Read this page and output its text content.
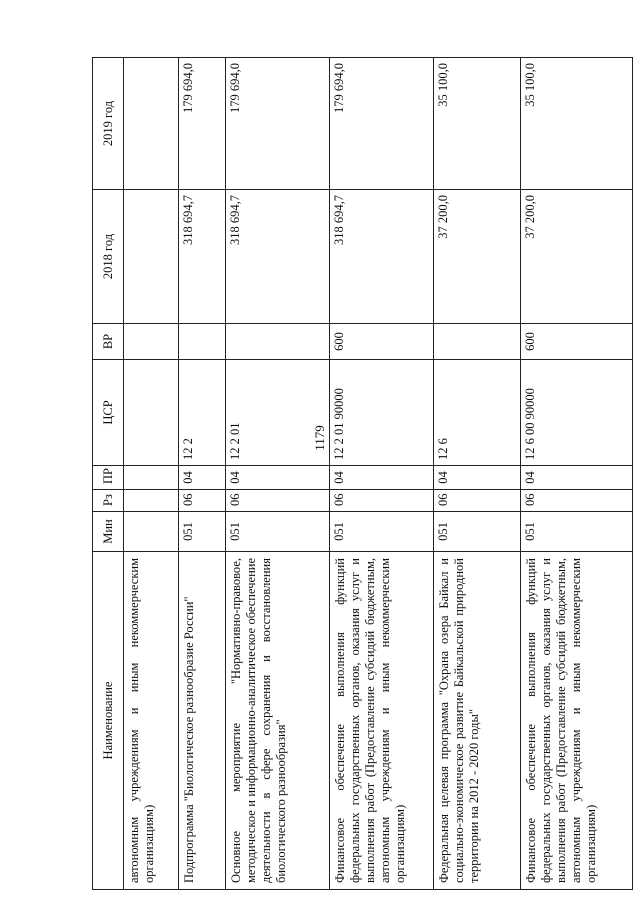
1179
Наименование	Мин	Рз	ПР	ЦСР	ВР	2018 год	2019 год
автономным учреждениям и иным некоммерческим организациям)							
Подпрограмма "Биологическое разнообразие России"	051	06	04	12 2		318 694,7	179 694,0
Основное мероприятие "Нормативно-правовое, методическое и информационно-аналитическое обеспечение деятельности в сфере сохранения и восстановления биологического разнообразия"	051	06	04	12 2 01		318 694,7	179 694,0
Финансовое обеспечение выполнения функций федеральных государственных органов, оказания услуг и выполнения работ (Предоставление субсидий бюджетным, автономным учреждениям и иным некоммерческим организациям)	051	06	04	12 2 01 90000	600	318 694,7	179 694,0
Федеральная целевая программа "Охрана озера Байкал и социально-экономическое развитие Байкальской природной территории на 2012 - 2020 годы"	051	06	04	12 6		37 200,0	35 100,0
Финансовое обеспечение выполнения функций федеральных государственных органов, оказания услуг и выполнения работ (Предоставление субсидий бюджетным, автономным учреждениям и иным некоммерческим организациям)	051	06	04	12 6 00 90000	600	37 200,0	35 100,0
